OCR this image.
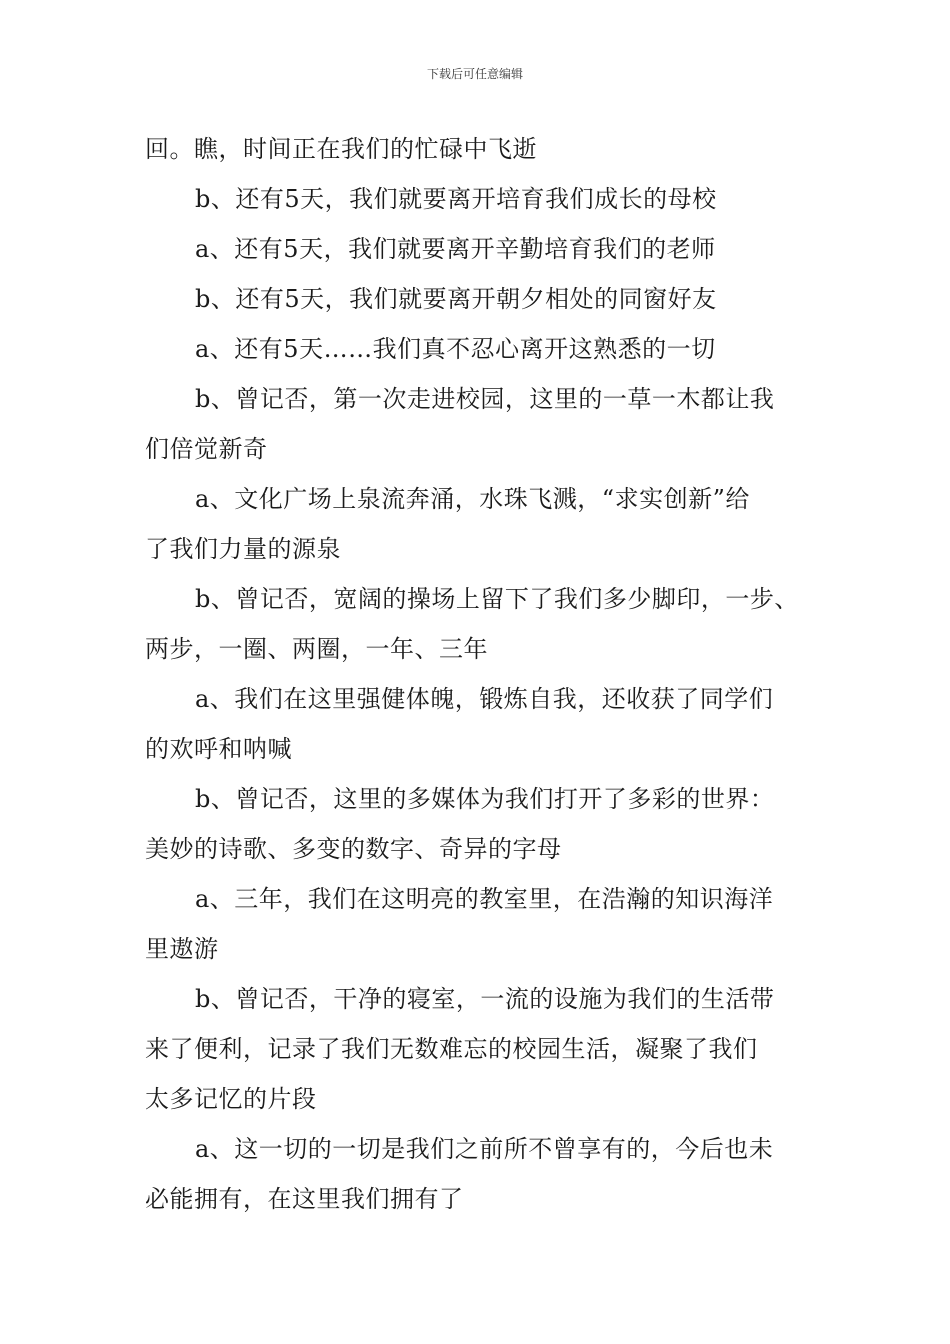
下载后可任意编辑

回。瞧，时间正在我们的忙碌中飞逝

b、还有5天，我们就要离开培育我们成长的母校

a、还有5天，我们就要离开辛勤培育我们的老师

b、还有5天，我们就要离开朝夕相处的同窗好友

a、还有5天……我们真不忍心离开这熟悉的一切

b、曾记否，第一次走进校园，这里的一草一木都让我

们倍觉新奇

a、文化广场上泉流奔涌，水珠飞溅，“求实创新”给

了我们力量的源泉

b、曾记否，宽阔的操场上留下了我们多少脚印，一步、

两步，一圈、两圈，一年、三年

a、我们在这里强健体魄，锻炼自我，还收获了同学们

的欢呼和呐喊

b、曾记否，这里的多媒体为我们打开了多彩的世界：

美妙的诗歌、多变的数字、奇异的字母

a、三年，我们在这明亮的教室里，在浩瀚的知识海洋

里遨游

b、曾记否，干净的寝室，一流的设施为我们的生活带

来了便利，记录了我们无数难忘的校园生活，凝聚了我们

太多记忆的片段

a、这一切的一切是我们之前所不曾享有的，今后也未

必能拥有，在这里我们拥有了
